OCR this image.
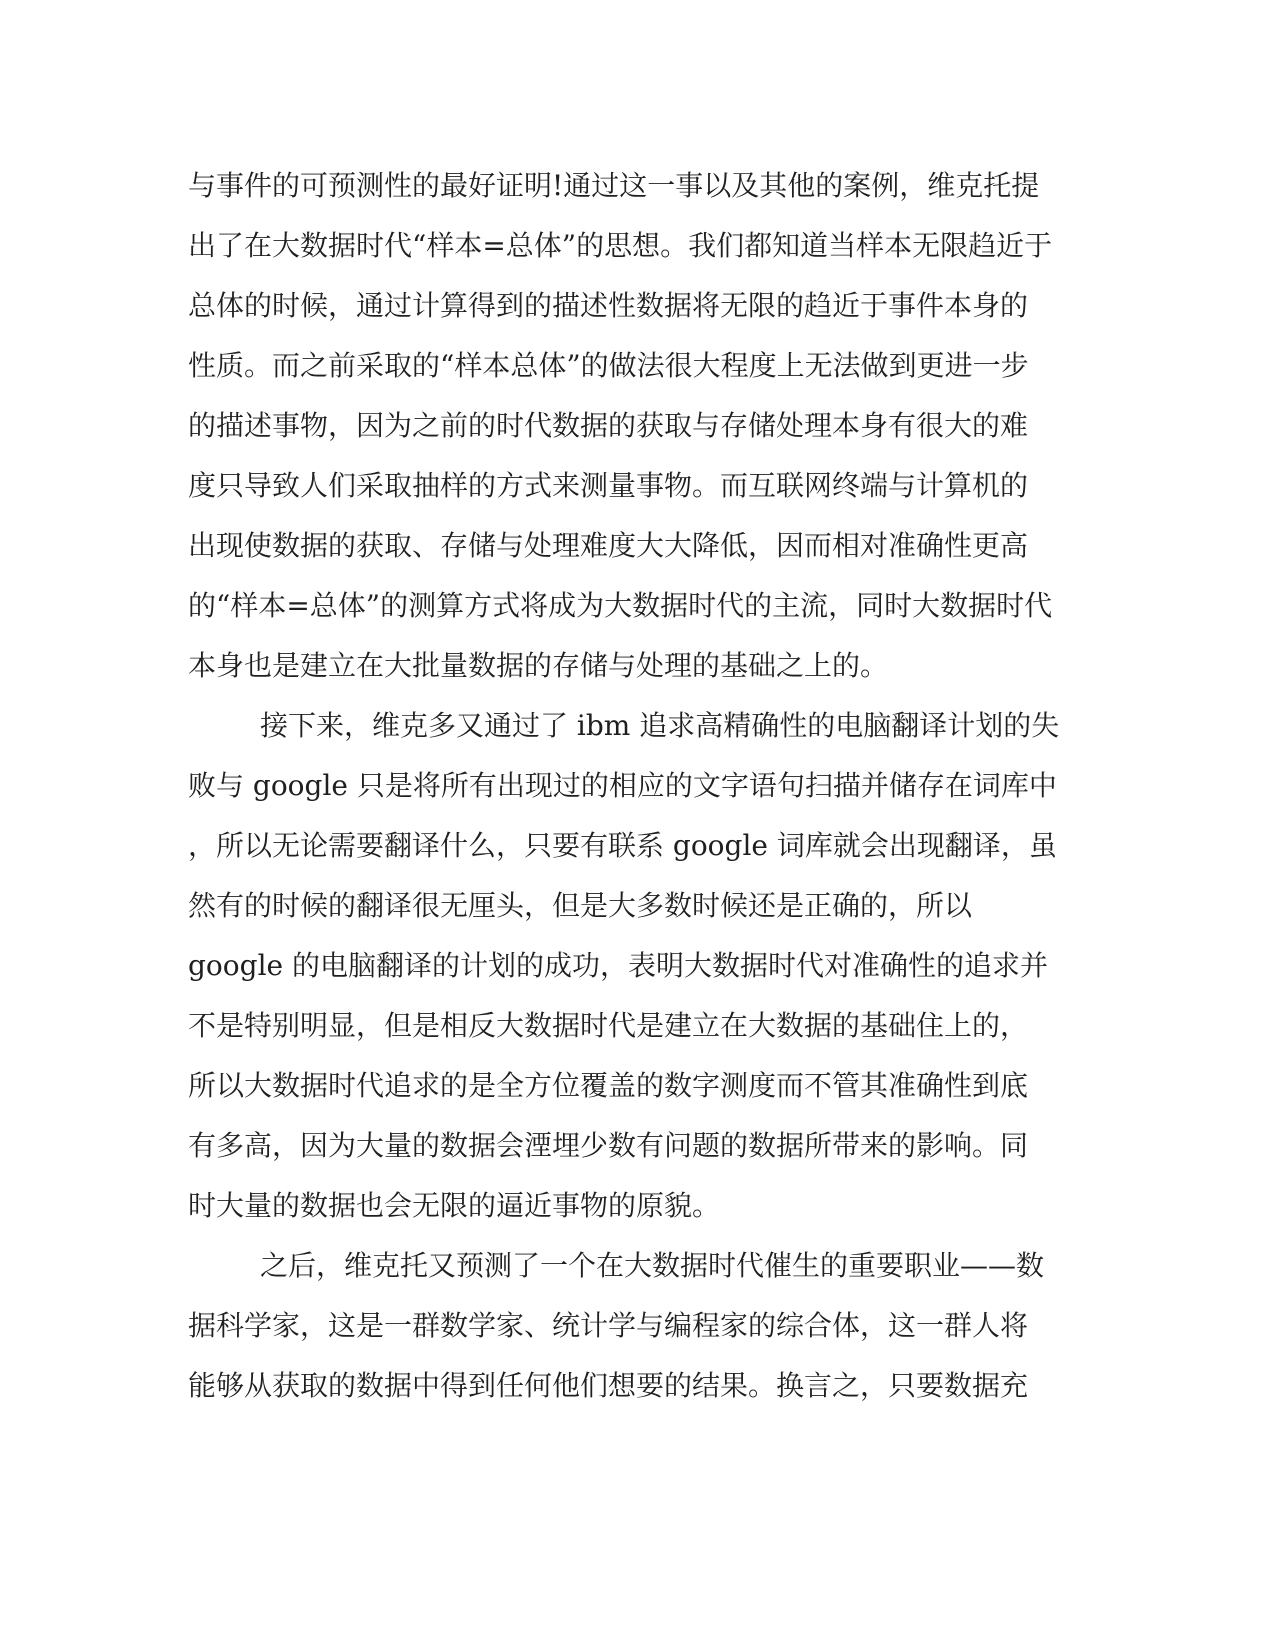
与事件的可预测性的最好证明!通过这一事以及其他的案例，维克托提
出了在大数据时代“样本=总体”的思想。我们都知道当样本无限趋近于
总体的时候，通过计算得到的描述性数据将无限的趋近于事件本身的
性质。而之前采取的“样本总体”的做法很大程度上无法做到更进一步
的描述事物，因为之前的时代数据的获取与存储处理本身有很大的难
度只导致人们采取抽样的方式来测量事物。而互联网终端与计算机的
出现使数据的获取、存储与处理难度大大降低，因而相对准确性更高
的“样本=总体”的测算方式将成为大数据时代的主流，同时大数据时代
本身也是建立在大批量数据的存储与处理的基础之上的。
接下来，维克多又通过了 ibm 追求高精确性的电脑翻译计划的失
败与 google 只是将所有出现过的相应的文字语句扫描并储存在词库中
，所以无论需要翻译什么，只要有联系 google 词库就会出现翻译，虽
然有的时候的翻译很无厘头，但是大多数时候还是正确的，所以
google 的电脑翻译的计划的成功，表明大数据时代对准确性的追求并
不是特别明显，但是相反大数据时代是建立在大数据的基础住上的，
所以大数据时代追求的是全方位覆盖的数字测度而不管其准确性到底
有多高，因为大量的数据会湮埋少数有问题的数据所带来的影响。同
时大量的数据也会无限的逼近事物的原貌。
之后，维克托又预测了一个在大数据时代催生的重要职业——数
据科学家，这是一群数学家、统计学与编程家的综合体，这一群人将
能够从获取的数据中得到任何他们想要的结果。换言之，只要数据充
